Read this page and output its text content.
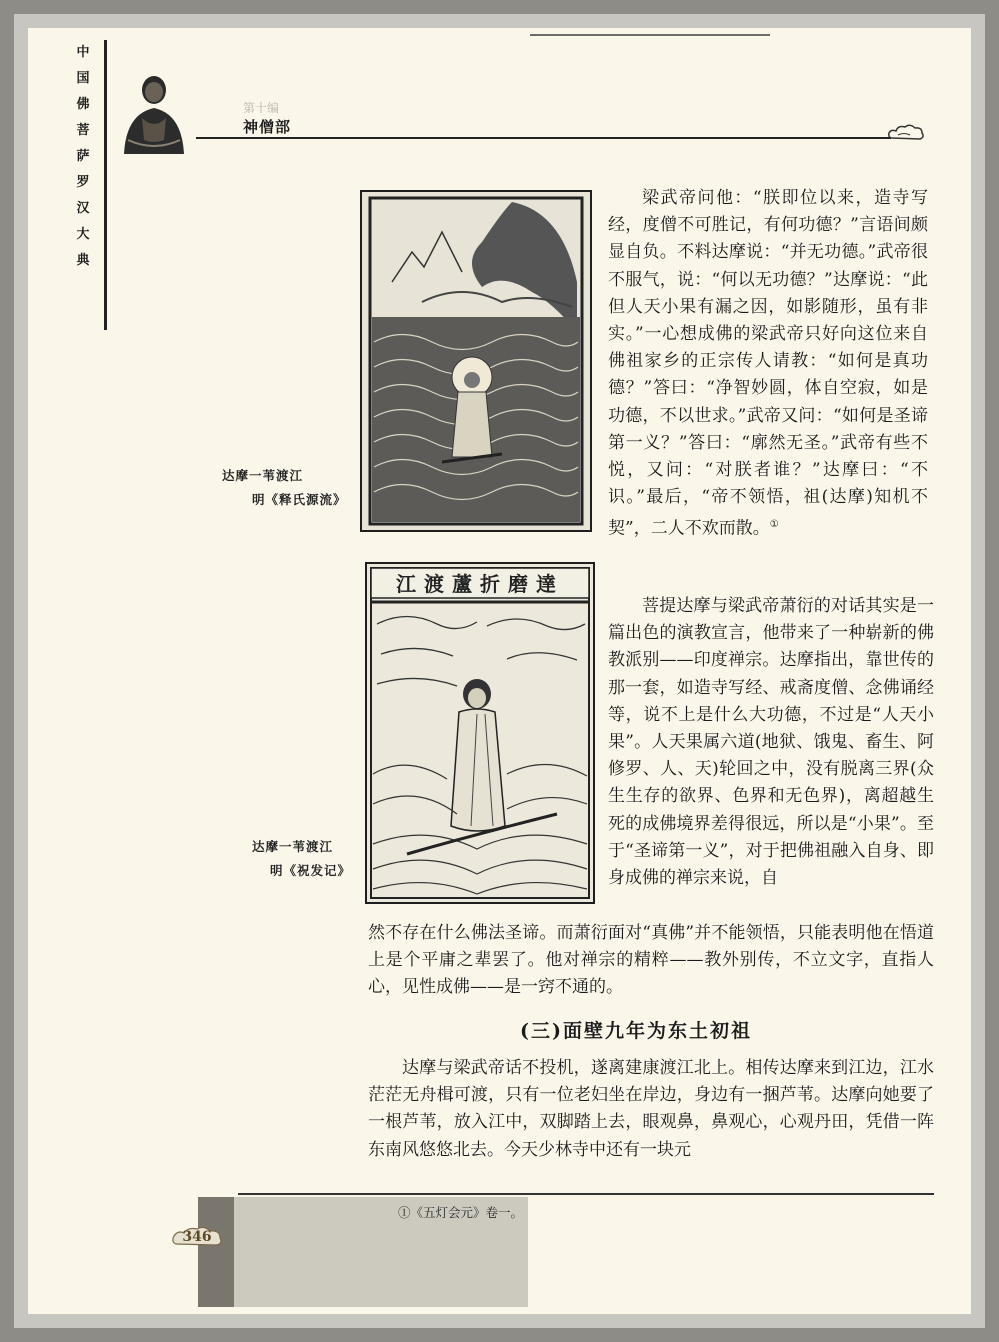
中
国
佛
菩
萨
罗
汉
大
典
第十编
神僧部
达摩一苇渡江
明《释氏源流》
江渡蘆折磨達
达摩一苇渡江
明《祝发记》

梁武帝问他：“朕即位以来，造寺写经，度僧不可胜记，有何功德？”言语间颇显自负。不料达摩说：“并无功德。”武帝很不服气，说：“何以无功德？”达摩说：“此但人天小果有漏之因，如影随形，虽有非实。”一心想成佛的梁武帝只好向这位来自佛祖家乡的正宗传人请教：“如何是真功德？”答曰：“净智妙圆，体自空寂，如是功德，不以世求。”武帝又问：“如何是圣谛第一义？”答曰：“廓然无圣。”武帝有些不悦，又问：“对朕者谁？”达摩曰：“不识。”最后，“帝不领悟，祖(达摩)知机不契”，二人不欢而散。①

菩提达摩与梁武帝萧衍的对话其实是一篇出色的演教宣言，他带来了一种崭新的佛教派别——印度禅宗。达摩指出，靠世传的那一套，如造寺写经、戒斋度僧、念佛诵经等，说不上是什么大功德，不过是“人天小果”。人天果属六道(地狱、饿鬼、畜生、阿修罗、人、天)轮回之中，没有脱离三界(众生生存的欲界、色界和无色界)，离超越生死的成佛境界差得很远，所以是“小果”。至于“圣谛第一义”，对于把佛祖融入自身、即身成佛的禅宗来说，自
然不存在什么佛法圣谛。而萧衍面对“真佛”并不能领悟，只能表明他在悟道上是个平庸之辈罢了。他对禅宗的精粹——教外别传，不立文字，直指人心，见性成佛——是一窍不通的。
(三)面壁九年为东土初祖
达摩与梁武帝话不投机，遂离建康渡江北上。相传达摩来到江边，江水茫茫无舟楫可渡，只有一位老妇坐在岸边，身边有一捆芦苇。达摩向她要了一根芦苇，放入江中，双脚踏上去，眼观鼻，鼻观心，心观丹田，凭借一阵东南风悠悠北去。今天少林寺中还有一块元
①《五灯会元》卷一。
346
